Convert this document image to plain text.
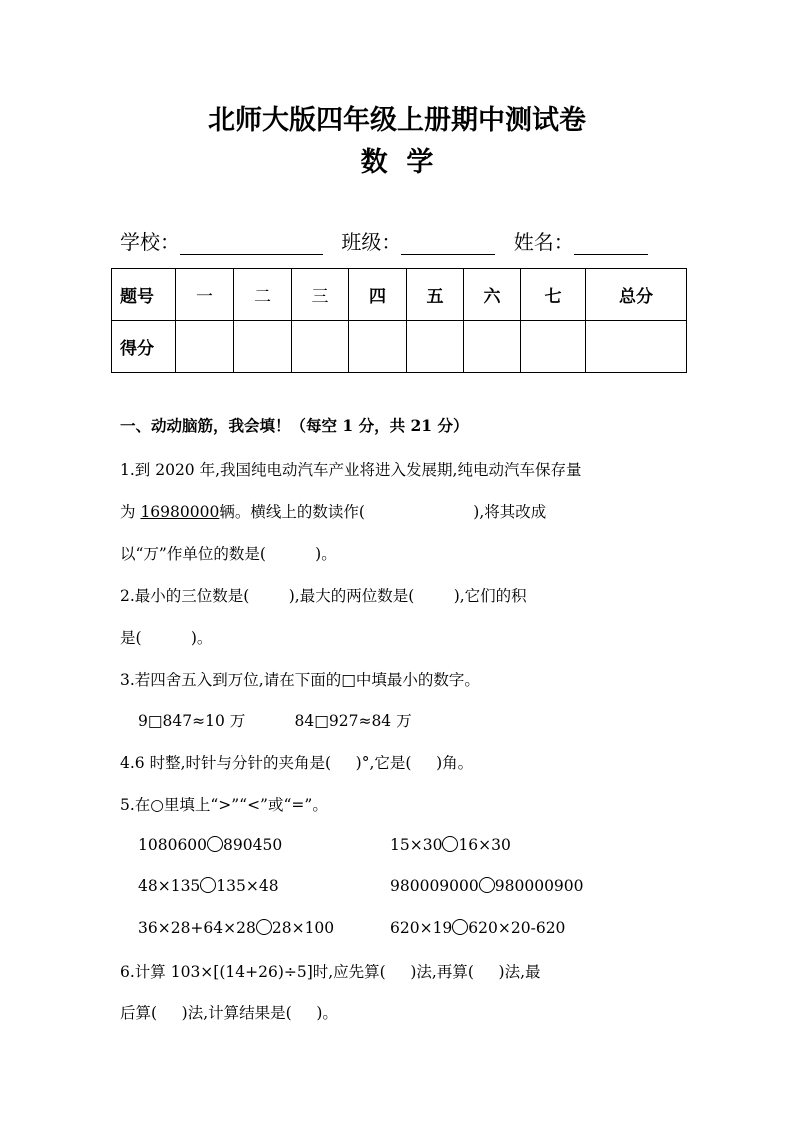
北师大版四年级上册期中测试卷
数  学
学校：	班级：	姓名：
题号	一	二	三	四	五	六	七	总分
得分								
一、动动脑筋，我会填！（每空 1 分，共 21 分）
1.到 2020 年,我国纯电动汽车产业将进入发展期,纯电动汽车保存量
为 16980000辆。横线上的数读作(                      ),将其改成
以“万”作单位的数是(          )。
2.最小的三位数是(        ),最大的两位数是(        ),它们的积
是(          )。
3.若四舍五入到万位,请在下面的□中填最小的数字。
9□847≈10 万          84□927≈84 万
4.6 时整,时针与分针的夹角是(     )°,它是(     )角。
5.在○里填上“>”“<”或“=”。
1080600 890450	15×30 16×30
48×135 135×48	980009000 980000900
36×28+64×28 28×100	620×19 620×20-620
6.计算 103×[(14+26)÷5]时,应先算(     )法,再算(     )法,最
后算(     )法,计算结果是(     )。
